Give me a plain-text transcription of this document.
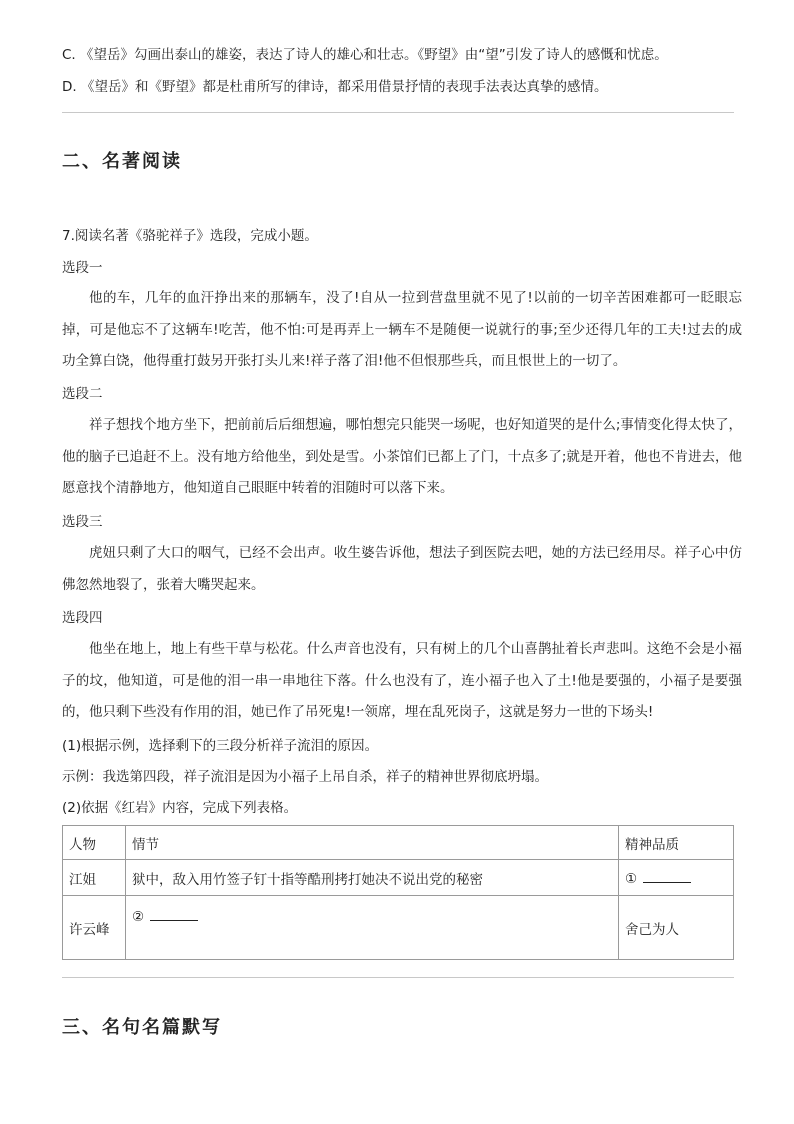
C. 《望岳》勾画出泰山的雄姿，表达了诗人的雄心和壮志。《野望》由“望”引发了诗人的感慨和忧虑。
D. 《望岳》和《野望》都是杜甫所写的律诗，都采用借景抒情的表现手法表达真挚的感情。
二、名著阅读
7.阅读名著《骆驼祥子》选段，完成小题。
选段一
他的车，几年的血汗挣出来的那辆车，没了!自从一拉到营盘里就不见了!以前的一切辛苦困难都可一眨眼忘掉，可是他忘不了这辆车!吃苦，他不怕:可是再弄上一辆车不是随便一说就行的事;至少还得几年的工夫!过去的成功全算白饶，他得重打鼓另开张打头儿来!祥子落了泪!他不但恨那些兵，而且恨世上的一切了。
选段二
祥子想找个地方坐下，把前前后后细想遍，哪怕想完只能哭一场呢，也好知道哭的是什么;事情变化得太快了，他的脑子已追赶不上。没有地方给他坐，到处是雪。小茶馆们已都上了门，十点多了;就是开着，他也不肯进去，他愿意找个清静地方，他知道自己眼眶中转着的泪随时可以落下来。
选段三
虎妞只剩了大口的咽气，已经不会出声。收生婆告诉他，想法子到医院去吧，她的方法已经用尽。祥子心中仿佛忽然地裂了，张着大嘴哭起来。
选段四
他坐在地上，地上有些干草与松花。什么声音也没有，只有树上的几个山喜鹊扯着长声悲叫。这绝不会是小福子的坟，他知道，可是他的泪一串一串地往下落。什么也没有了，连小福子也入了土!他是要强的，小福子是要强的，他只剩下些没有作用的泪，她已作了吊死鬼!一领席，埋在乱死岗子，这就是努力一世的下场头!
(1)根据示例，选择剩下的三段分析祥子流泪的原因。
示例：我选第四段，祥子流泪是因为小福子上吊自杀，祥子的精神世界彻底坍塌。
(2)依据《红岩》内容，完成下列表格。
人物	情节	精神品质
江姐	狱中，敌入用竹签子钉十指等酷刑拷打她决不说出党的秘密	①
许云峰	②	舍己为人
三、名句名篇默写
